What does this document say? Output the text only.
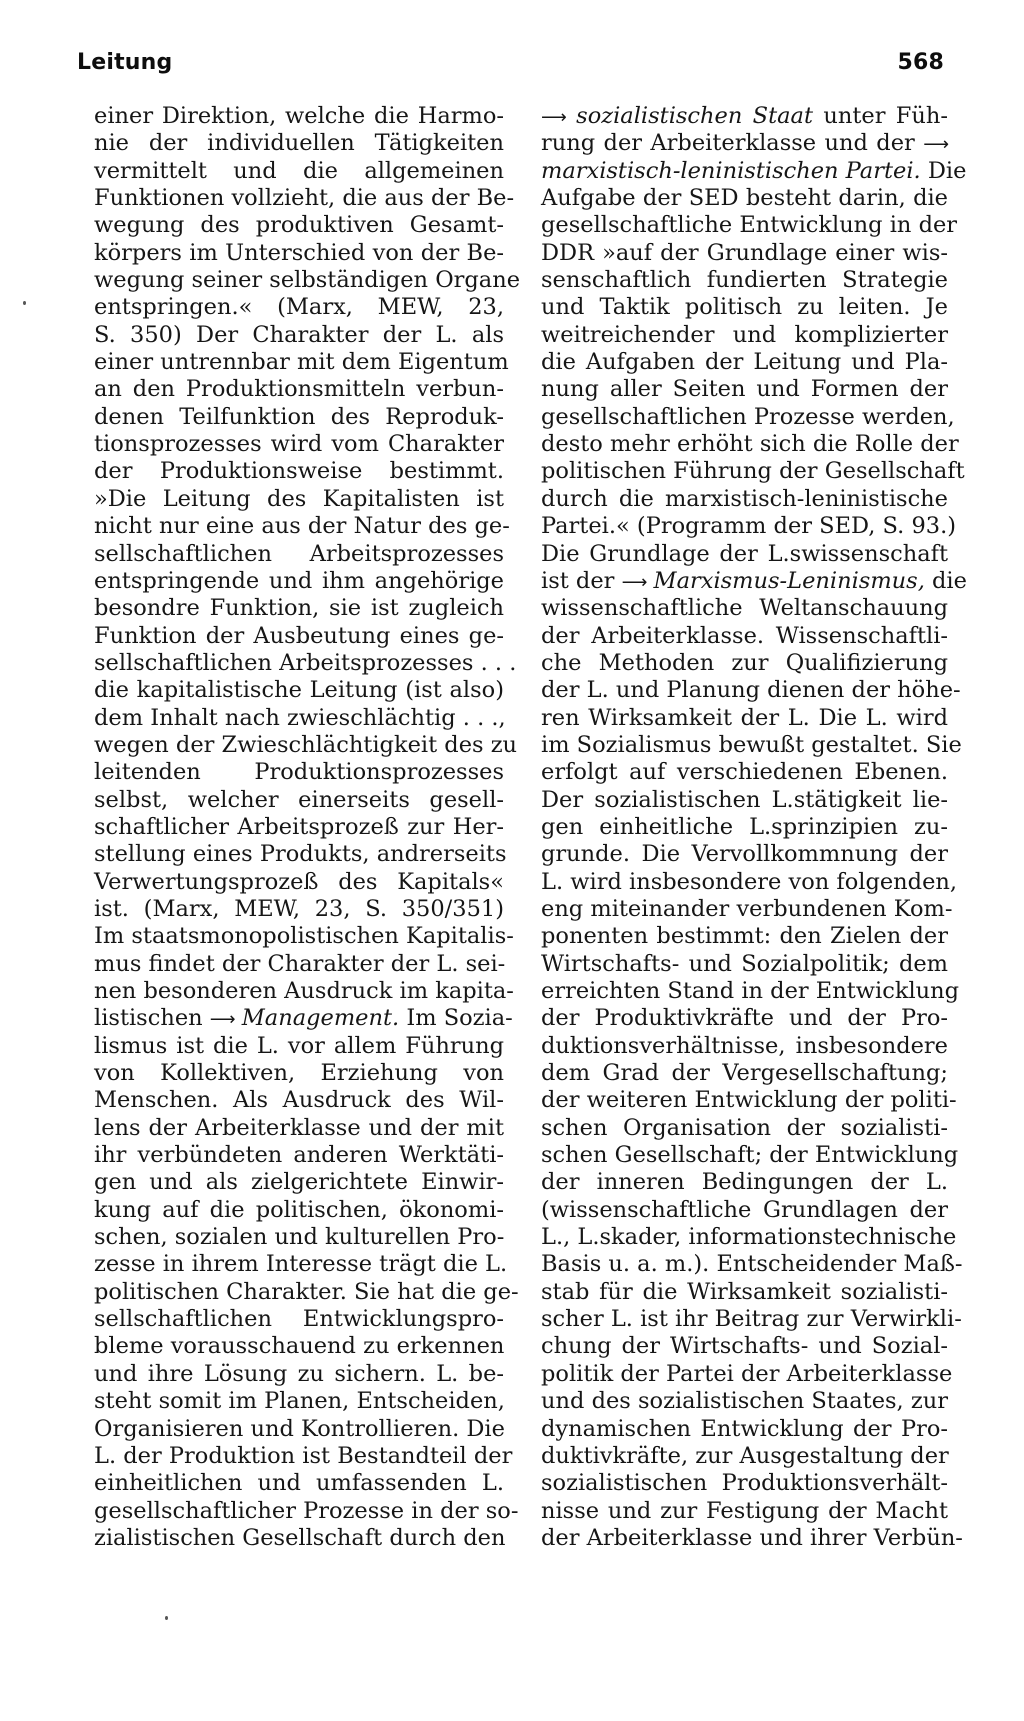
Leitung	568
einer Direktion, welche die Harmo-
nie der individuellen Tätigkeiten
vermittelt und die allgemeinen
Funktionen vollzieht, die aus der Be-
wegung des produktiven Gesamt-
körpers im Unterschied von der Be-
wegung seiner selbständigen Organe
entspringen.« (Marx, MEW, 23,
S. 350) Der Charakter der L. als
einer untrennbar mit dem Eigentum
an den Produktionsmitteln verbun-
denen Teilfunktion des Reproduk-
tionsprozesses wird vom Charakter
der Produktionsweise bestimmt.
»Die Leitung des Kapitalisten ist
nicht nur eine aus der Natur des ge-
sellschaftlichen Arbeitsprozesses
entspringende und ihm angehörige
besondre Funktion, sie ist zugleich
Funktion der Ausbeutung eines ge-
sellschaftlichen Arbeitsprozesses . . .
die kapitalistische Leitung (ist also)
dem Inhalt nach zwieschlächtig . . .,
wegen der Zwieschlächtigkeit des zu
leitenden Produktionsprozesses
selbst, welcher einerseits gesell-
schaftlicher Arbeitsprozeß zur Her-
stellung eines Produkts, andrerseits
Verwertungsprozeß des Kapitals«
ist. (Marx, MEW, 23, S. 350/351)
Im staatsmonopolistischen Kapitalis-
mus findet der Charakter der L. sei-
nen besonderen Ausdruck im kapita-
listischen ⟶ Management. Im Sozia-
lismus ist die L. vor allem Führung
von Kollektiven, Erziehung von
Menschen. Als Ausdruck des Wil-
lens der Arbeiterklasse und der mit
ihr verbündeten anderen Werktäti-
gen und als zielgerichtete Einwir-
kung auf die politischen, ökonomi-
schen, sozialen und kulturellen Pro-
zesse in ihrem Interesse trägt die L.
politischen Charakter. Sie hat die ge-
sellschaftlichen Entwicklungspro-
bleme vorausschauend zu erkennen
und ihre Lösung zu sichern. L. be-
steht somit im Planen, Entscheiden,
Organisieren und Kontrollieren. Die
L. der Produktion ist Bestandteil der
einheitlichen und umfassenden L.
gesellschaftlicher Prozesse in der so-
zialistischen Gesellschaft durch den
⟶ sozialistischen Staat unter Füh-
rung der Arbeiterklasse und der ⟶
marxistisch-leninistischen Partei. Die
Aufgabe der SED besteht darin, die
gesellschaftliche Entwicklung in der
DDR »auf der Grundlage einer wis-
senschaftlich fundierten Strategie
und Taktik politisch zu leiten. Je
weitreichender und komplizierter
die Aufgaben der Leitung und Pla-
nung aller Seiten und Formen der
gesellschaftlichen Prozesse werden,
desto mehr erhöht sich die Rolle der
politischen Führung der Gesellschaft
durch die marxistisch-leninistische
Partei.« (Programm der SED, S. 93.)
Die Grundlage der L.swissenschaft
ist der ⟶ Marxismus-Leninismus, die
wissenschaftliche Weltanschauung
der Arbeiterklasse. Wissenschaftli-
che Methoden zur Qualifizierung
der L. und Planung dienen der höhe-
ren Wirksamkeit der L. Die L. wird
im Sozialismus bewußt gestaltet. Sie
erfolgt auf verschiedenen Ebenen.
Der sozialistischen L.stätigkeit lie-
gen einheitliche L.sprinzipien zu-
grunde. Die Vervollkommnung der
L. wird insbesondere von folgenden,
eng miteinander verbundenen Kom-
ponenten bestimmt: den Zielen der
Wirtschafts- und Sozialpolitik; dem
erreichten Stand in der Entwicklung
der Produktivkräfte und der Pro-
duktionsverhältnisse, insbesondere
dem Grad der Vergesellschaftung;
der weiteren Entwicklung der politi-
schen Organisation der sozialisti-
schen Gesellschaft; der Entwicklung
der inneren Bedingungen der L.
(wissenschaftliche Grundlagen der
L., L.skader, informationstechnische
Basis u. a. m.). Entscheidender Maß-
stab für die Wirksamkeit sozialisti-
scher L. ist ihr Beitrag zur Verwirkli-
chung der Wirtschafts- und Sozial-
politik der Partei der Arbeiterklasse
und des sozialistischen Staates, zur
dynamischen Entwicklung der Pro-
duktivkräfte, zur Ausgestaltung der
sozialistischen Produktionsverhält-
nisse und zur Festigung der Macht
der Arbeiterklasse und ihrer Verbün-
